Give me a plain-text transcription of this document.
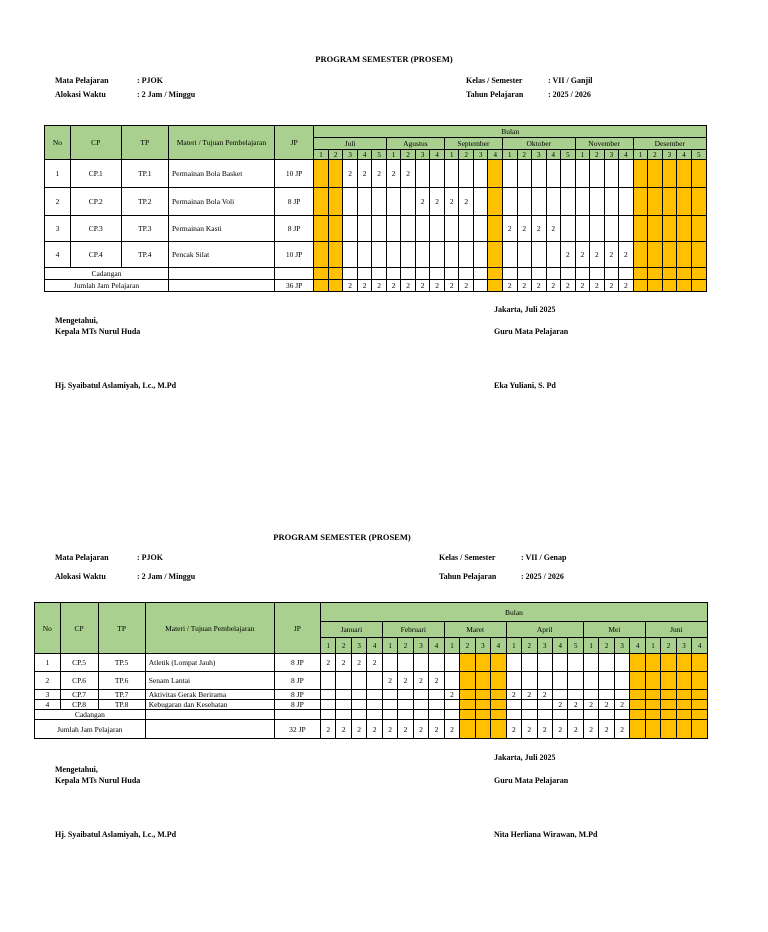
PROGRAM SEMESTER (PROSEM)
Mata Pelajaran	: PJOK
Alokasi Waktu	: 2 Jam / Minggu
Kelas / Semester	: VII / Ganjil
Tahun Pelajaran	: 2025 / 2026
No	CP	TP	Materi / Tujuan Pembelajaran	JP	Bulan																										
					Juli					Agustus				September				Oktober					November				Desember				
					1	2	3	4	5	1	2	3	4	1	2	3	4	1	2	3	4	5	1	2	3	4	1	2	3	4	5
1	CP.1	TP.1	Permainan Bola Basket	10 JP			2	2	2	2	2																				
2	CP.2	TP.2	Permainan Bola Voli	8 JP								2	2	2	2																
3	CP.3	TP.3	Permainan Kasti	8 JP														2	2	2	2										
4	CP.4	TP.4	Pencak Silat	10 JP																		2	2	2	2	2					
Cadangan																															
Jumlah Jam Pelajaran				36 JP			2	2	2	2	2	2	2	2	2			2	2	2	2	2	2	2	2	2					
Jakarta, Juli 2025
Mengetahui,
Kepala MTs Nurul Huda	Guru Mata Pelajaran
Hj. Syaibatul Aslamiyah, Lc., M.Pd	Eka Yuliani, S. Pd
PROGRAM SEMESTER (PROSEM)
Mata Pelajaran	: PJOK
Alokasi Waktu	: 2 Jam / Minggu
Kelas / Semester	: VII / Genap
Tahun Pelajaran	: 2025 / 2026
No	CP	TP	Materi / Tujuan Pembelajaran	JP	Bulan																								
					Januari				Februari				Maret				April					Mei				Juni			
					1	2	3	4	1	2	3	4	1	2	3	4	1	2	3	4	5	1	2	3	4	1	2	3	4
1	CP.5	TP.5	Atletik (Lompat Jauh)	8 JP	2	2	2	2																					
2	CP.6	TP.6	Senam Lantai	8 JP					2	2	2	2																	
3	CP.7	TP.7	Aktivitas Gerak Berirama	8 JP									2				2	2	2										
4	CP.8	TP.8	Kebugaran dan Kesehatan	8 JP																2	2	2	2	2					
Cadangan																													
Jumlah Jam Pelajaran				32 JP	2	2	2	2	2	2	2	2	2				2	2	2	2	2	2	2	2					
Jakarta, Juli 2025
Mengetahui,
Kepala MTs Nurul Huda	Guru Mata Pelajaran
Hj. Syaibatul Aslamiyah, Lc., M.Pd	Nita Herliana Wirawan, M.Pd
